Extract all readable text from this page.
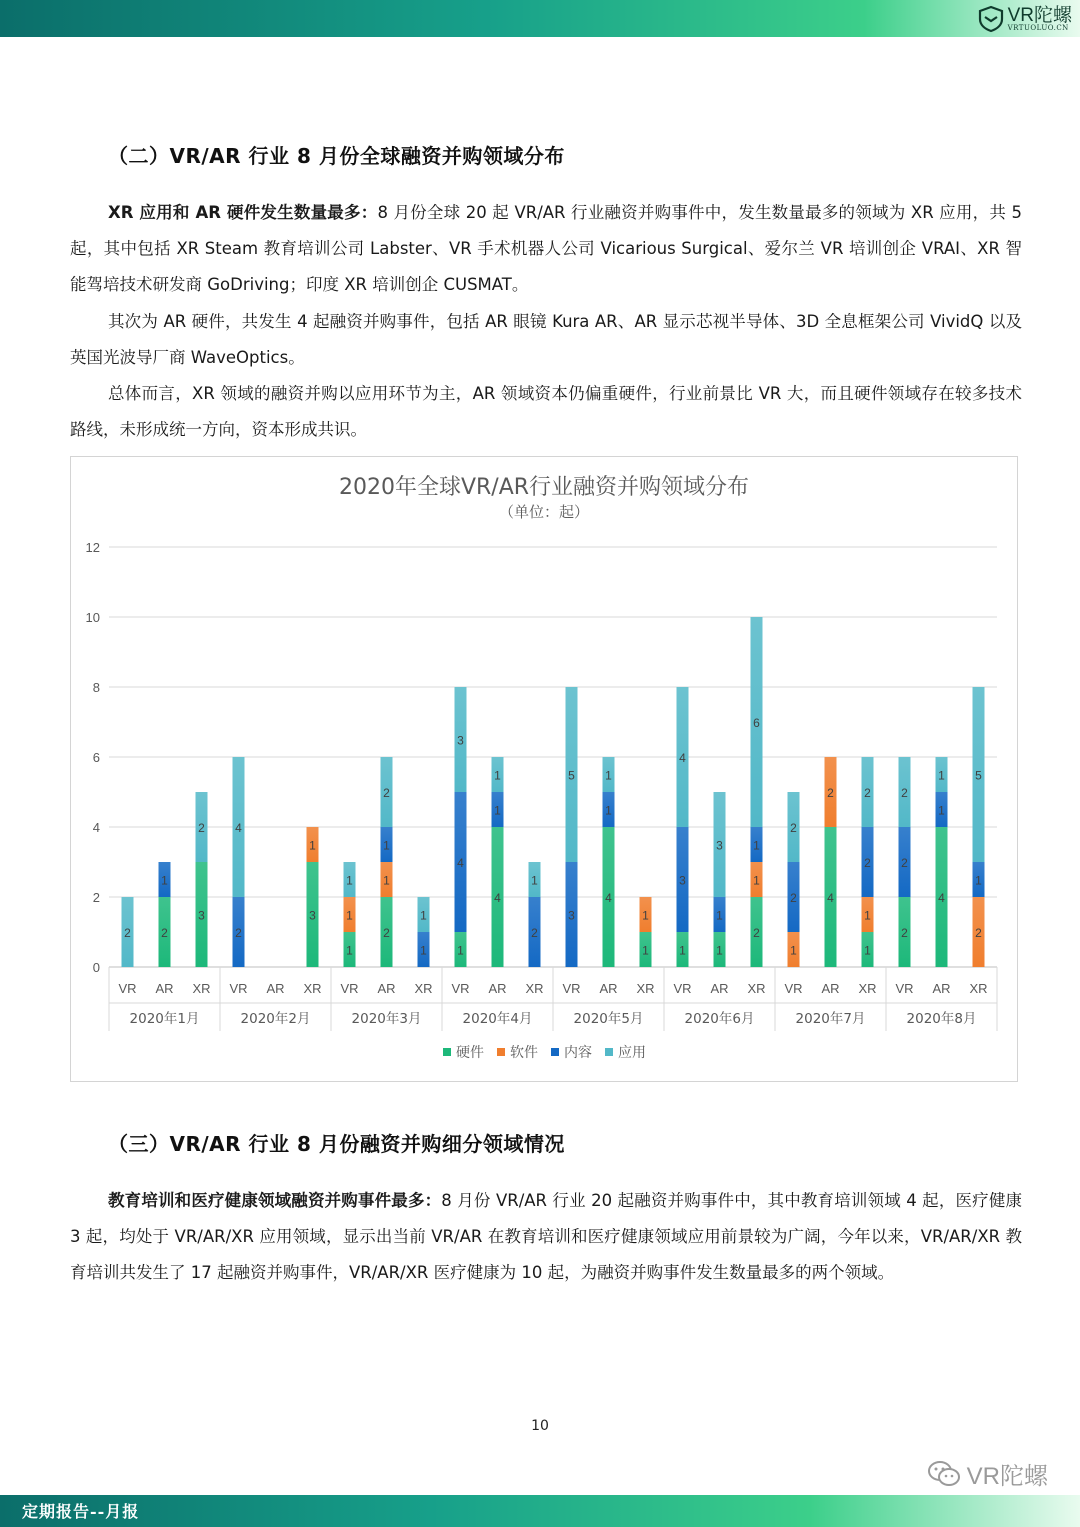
VR陀螺
VRTUOLUO.CN
（二）VR/AR 行业 8 月份全球融资并购领域分布
XR 应用和 AR 硬件发生数量最多：8 月份全球 20 起 VR/AR 行业融资并购事件中，发生数量最多的领域为 XR 应用，共 5 起，其中包括 XR Steam 教育培训公司 Labster、VR 手术机器人公司 Vicarious Surgical、爱尔兰 VR 培训创企 VRAI、XR 智能驾培技术研发商 GoDriving；印度 XR 培训创企 CUSMAT。
其次为 AR 硬件，共发生 4 起融资并购事件，包括 AR 眼镜 Kura AR、AR 显示芯视半导体、3D 全息框架公司 VividQ 以及英国光波导厂商 WaveOptics。
总体而言，XR 领域的融资并购以应用环节为主，AR 领域资本仍偏重硬件，行业前景比 VR 大，而且硬件领域存在较多技术路线，未形成统一方向，资本形成共识。
2020年全球VR/AR行业融资并购领域分布
（单位：起）
0
2
4
6
8
10
12
2020年1月
VR
2
AR
2
1
XR
3
2
2020年2月
VR
2
4
AR XR
3
1
2020年3月
VR
1
1
1
AR
2
1
1
2
XR
1
1
2020年4月
VR
1
4
3
AR
4
1
1
XR
2
1
2020年5月
VR
3
5
AR
4
1
1
XR
1
1
2020年6月
VR
1
3
4
AR
1
1
3
XR
2
1
1
6
2020年7月
VR
1
2
2
AR
4
2
XR
1
1
2
2
2020年8月
VR
2
2
2
AR
4
1
1
XR
2
1
5
硬件 软件 内容 应用
（三）VR/AR 行业 8 月份融资并购细分领域情况
教育培训和医疗健康领域融资并购事件最多：8 月份 VR/AR 行业 20 起融资并购事件中，其中教育培训领域 4 起，医疗健康 3 起，均处于 VR/AR/XR 应用领域，显示出当前 VR/AR 在教育培训和医疗健康领域应用前景较为广阔，今年以来，VR/AR/XR 教育培训共发生了 17 起融资并购事件，VR/AR/XR 医疗健康为 10 起，为融资并购事件发生数量最多的两个领域。
10
VR陀螺
定期报告--月报
